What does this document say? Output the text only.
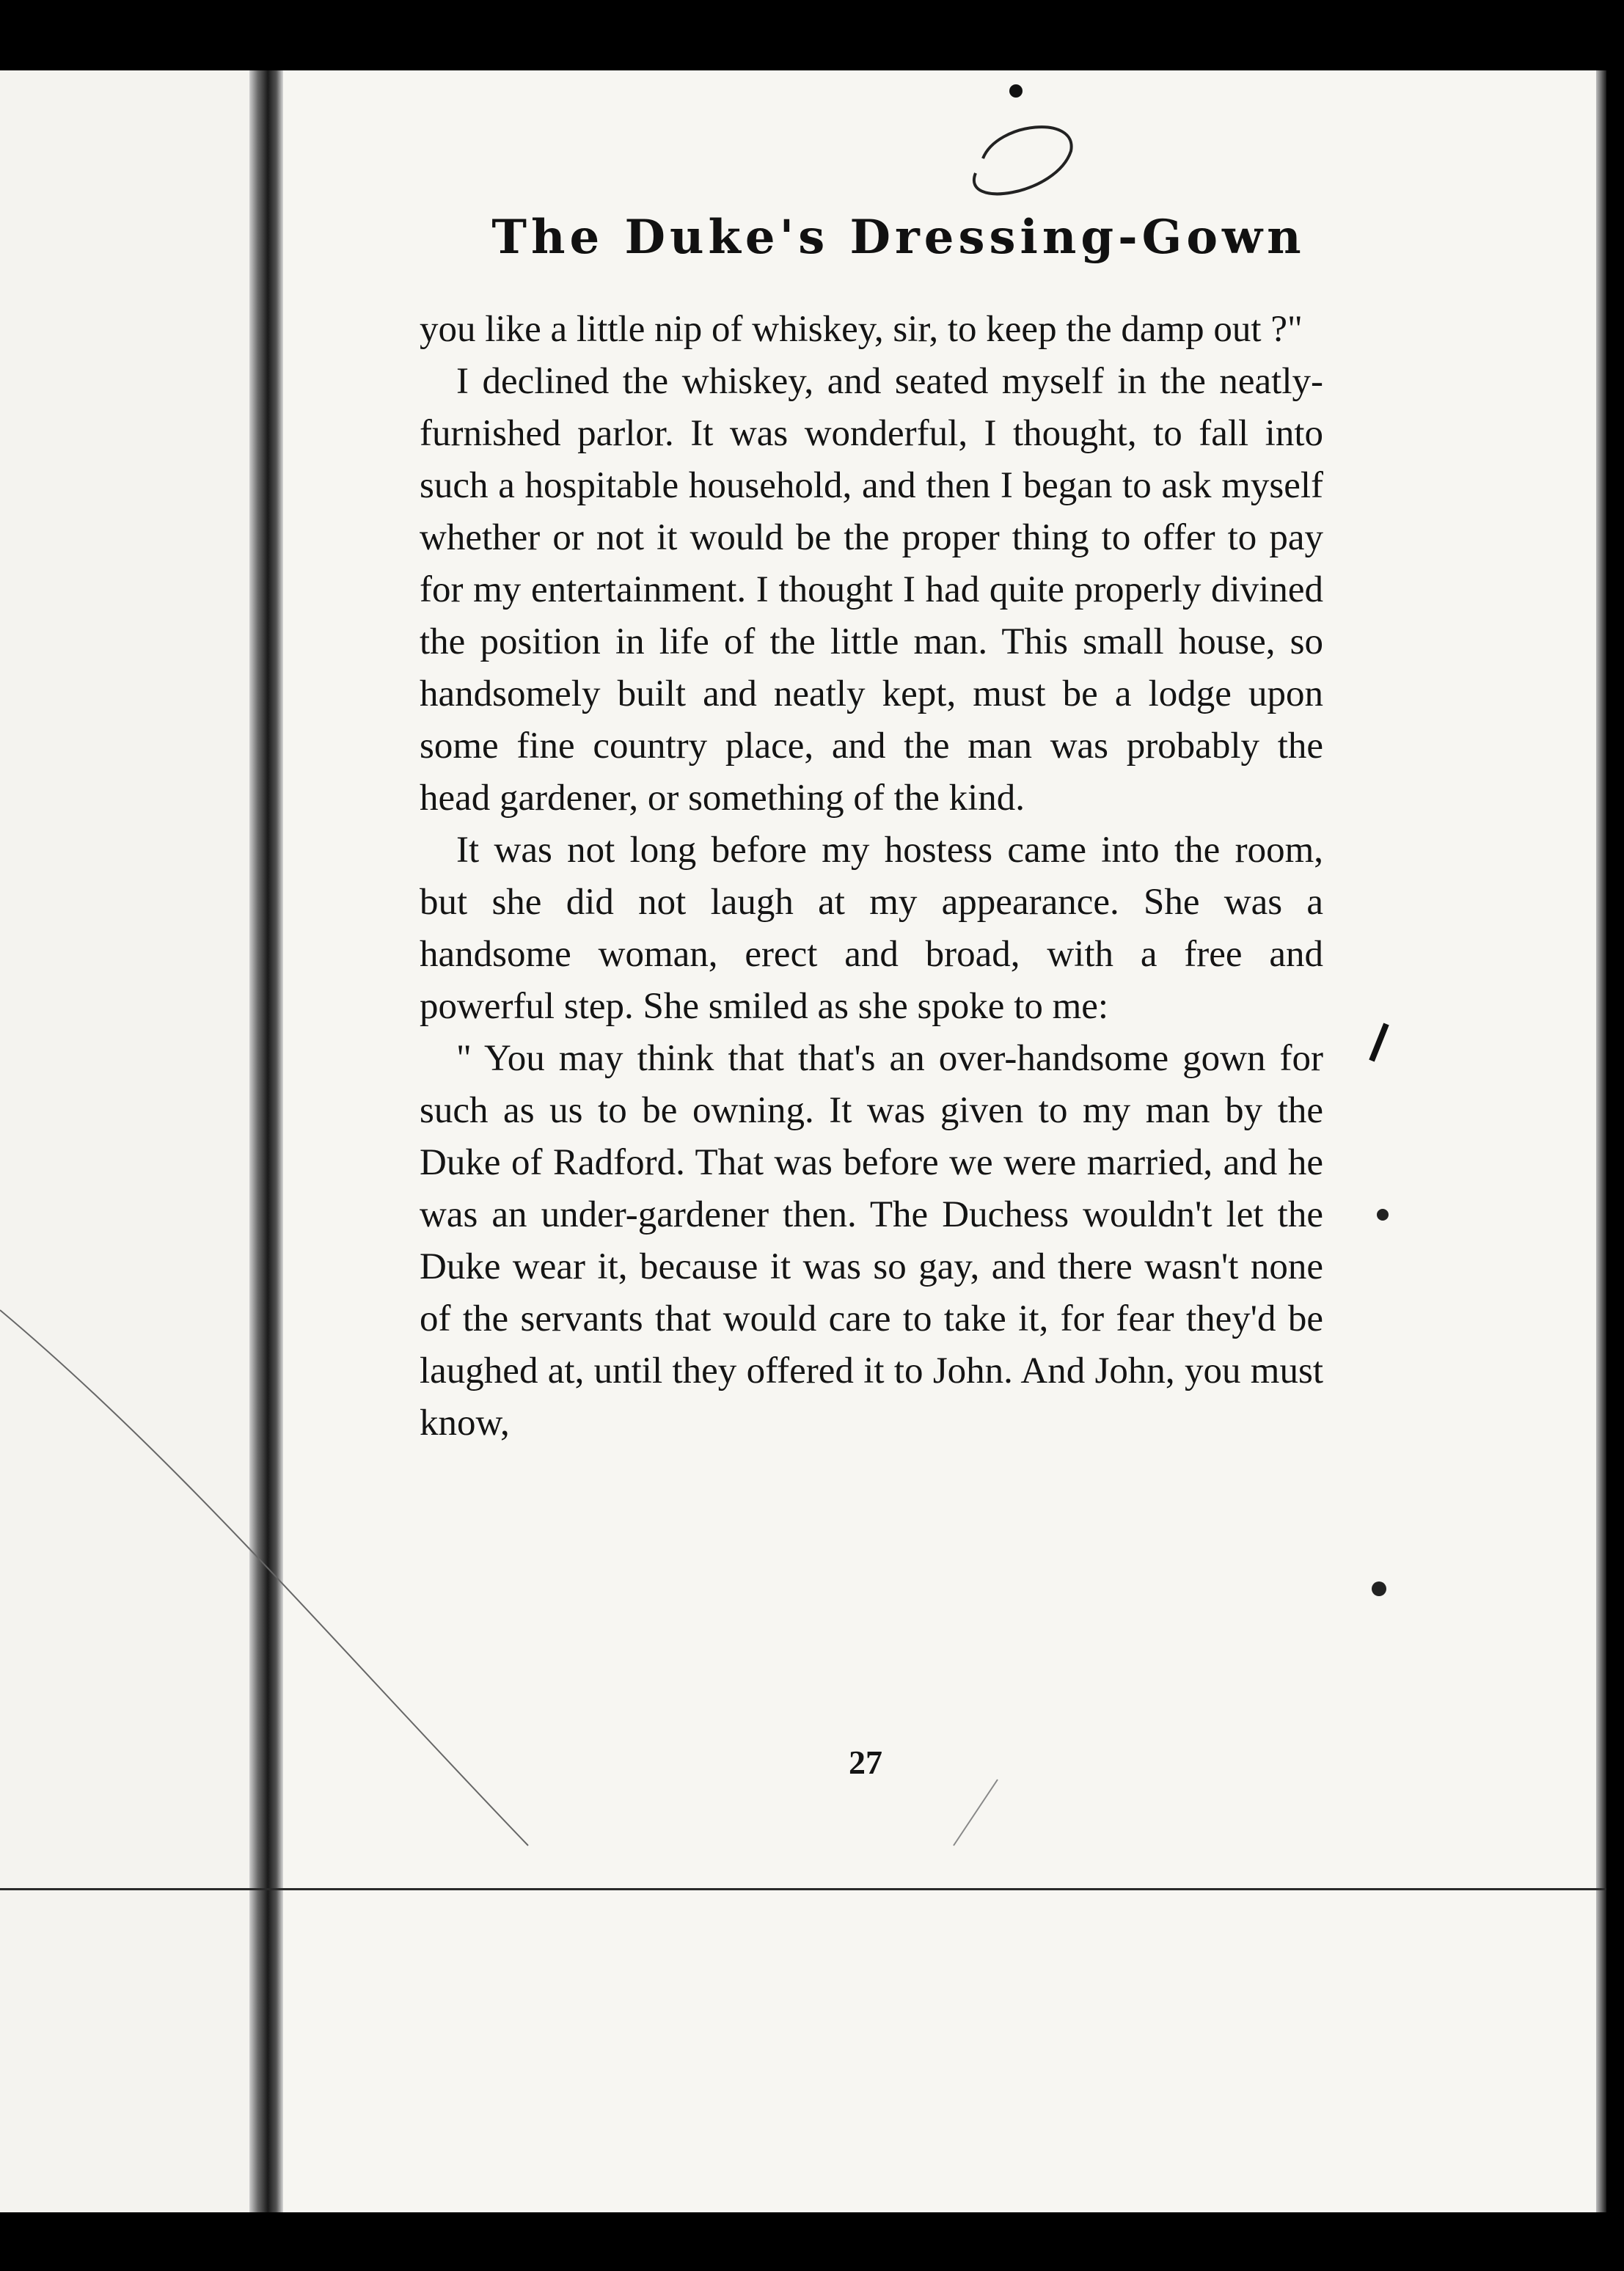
The Duke's Dressing-Gown

you like a little nip of whiskey, sir, to keep the damp out ?"

I declined the whiskey, and seated myself in the neatly-furnished parlor. It was wonderful, I thought, to fall into such a hospitable household, and then I began to ask myself whether or not it would be the proper thing to offer to pay for my entertainment. I thought I had quite properly divined the position in life of the little man. This small house, so handsomely built and neatly kept, must be a lodge upon some fine country place, and the man was probably the head gardener, or something of the kind.

It was not long before my hostess came into the room, but she did not laugh at my appearance. She was a handsome woman, erect and broad, with a free and powerful step. She smiled as she spoke to me:

" You may think that that's an over-handsome gown for such as us to be owning. It was given to my man by the Duke of Radford. That was before we were married, and he was an under-gardener then. The Duchess wouldn't let the Duke wear it, because it was so gay, and there wasn't none of the servants that would care to take it, for fear they'd be laughed at, until they offered it to John. And John, you must know,

27
